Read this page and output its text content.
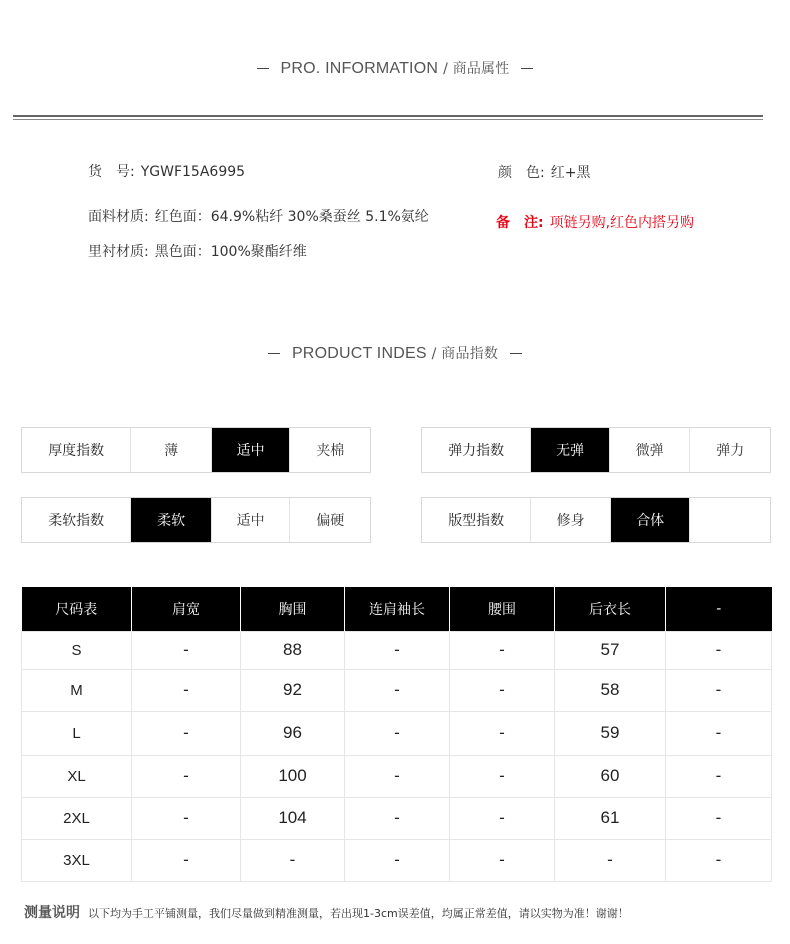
PRO. INFORMATION / 商品属性
货　号: YGWF15A6995
面料材质: 红色面：64.9%粘纤 30%桑蚕丝 5.1%氨纶
里衬材质: 黑色面：100%聚酯纤维
颜　色: 红+黑
备　注: 项链另购,红色内搭另购
PRODUCT INDES / 商品指数
厚度指数	薄	适中	夹棉	弹力指数	无弹	微弹	弹力
柔软指数	柔软	适中	偏硬	版型指数	修身	合体
尺码表	肩宽	胸围	连肩袖长	腰围	后衣长	-
S	-	88	-	-	57	-
M	-	92	-	-	58	-
L	-	96	-	-	59	-
XL	-	100	-	-	60	-
2XL	-	104	-	-	61	-
3XL	-	-	-	-	-	-
测量说明 以下均为手工平铺测量，我们尽量做到精准测量，若出现1-3cm误差值，均属正常差值，请以实物为准！谢谢！
